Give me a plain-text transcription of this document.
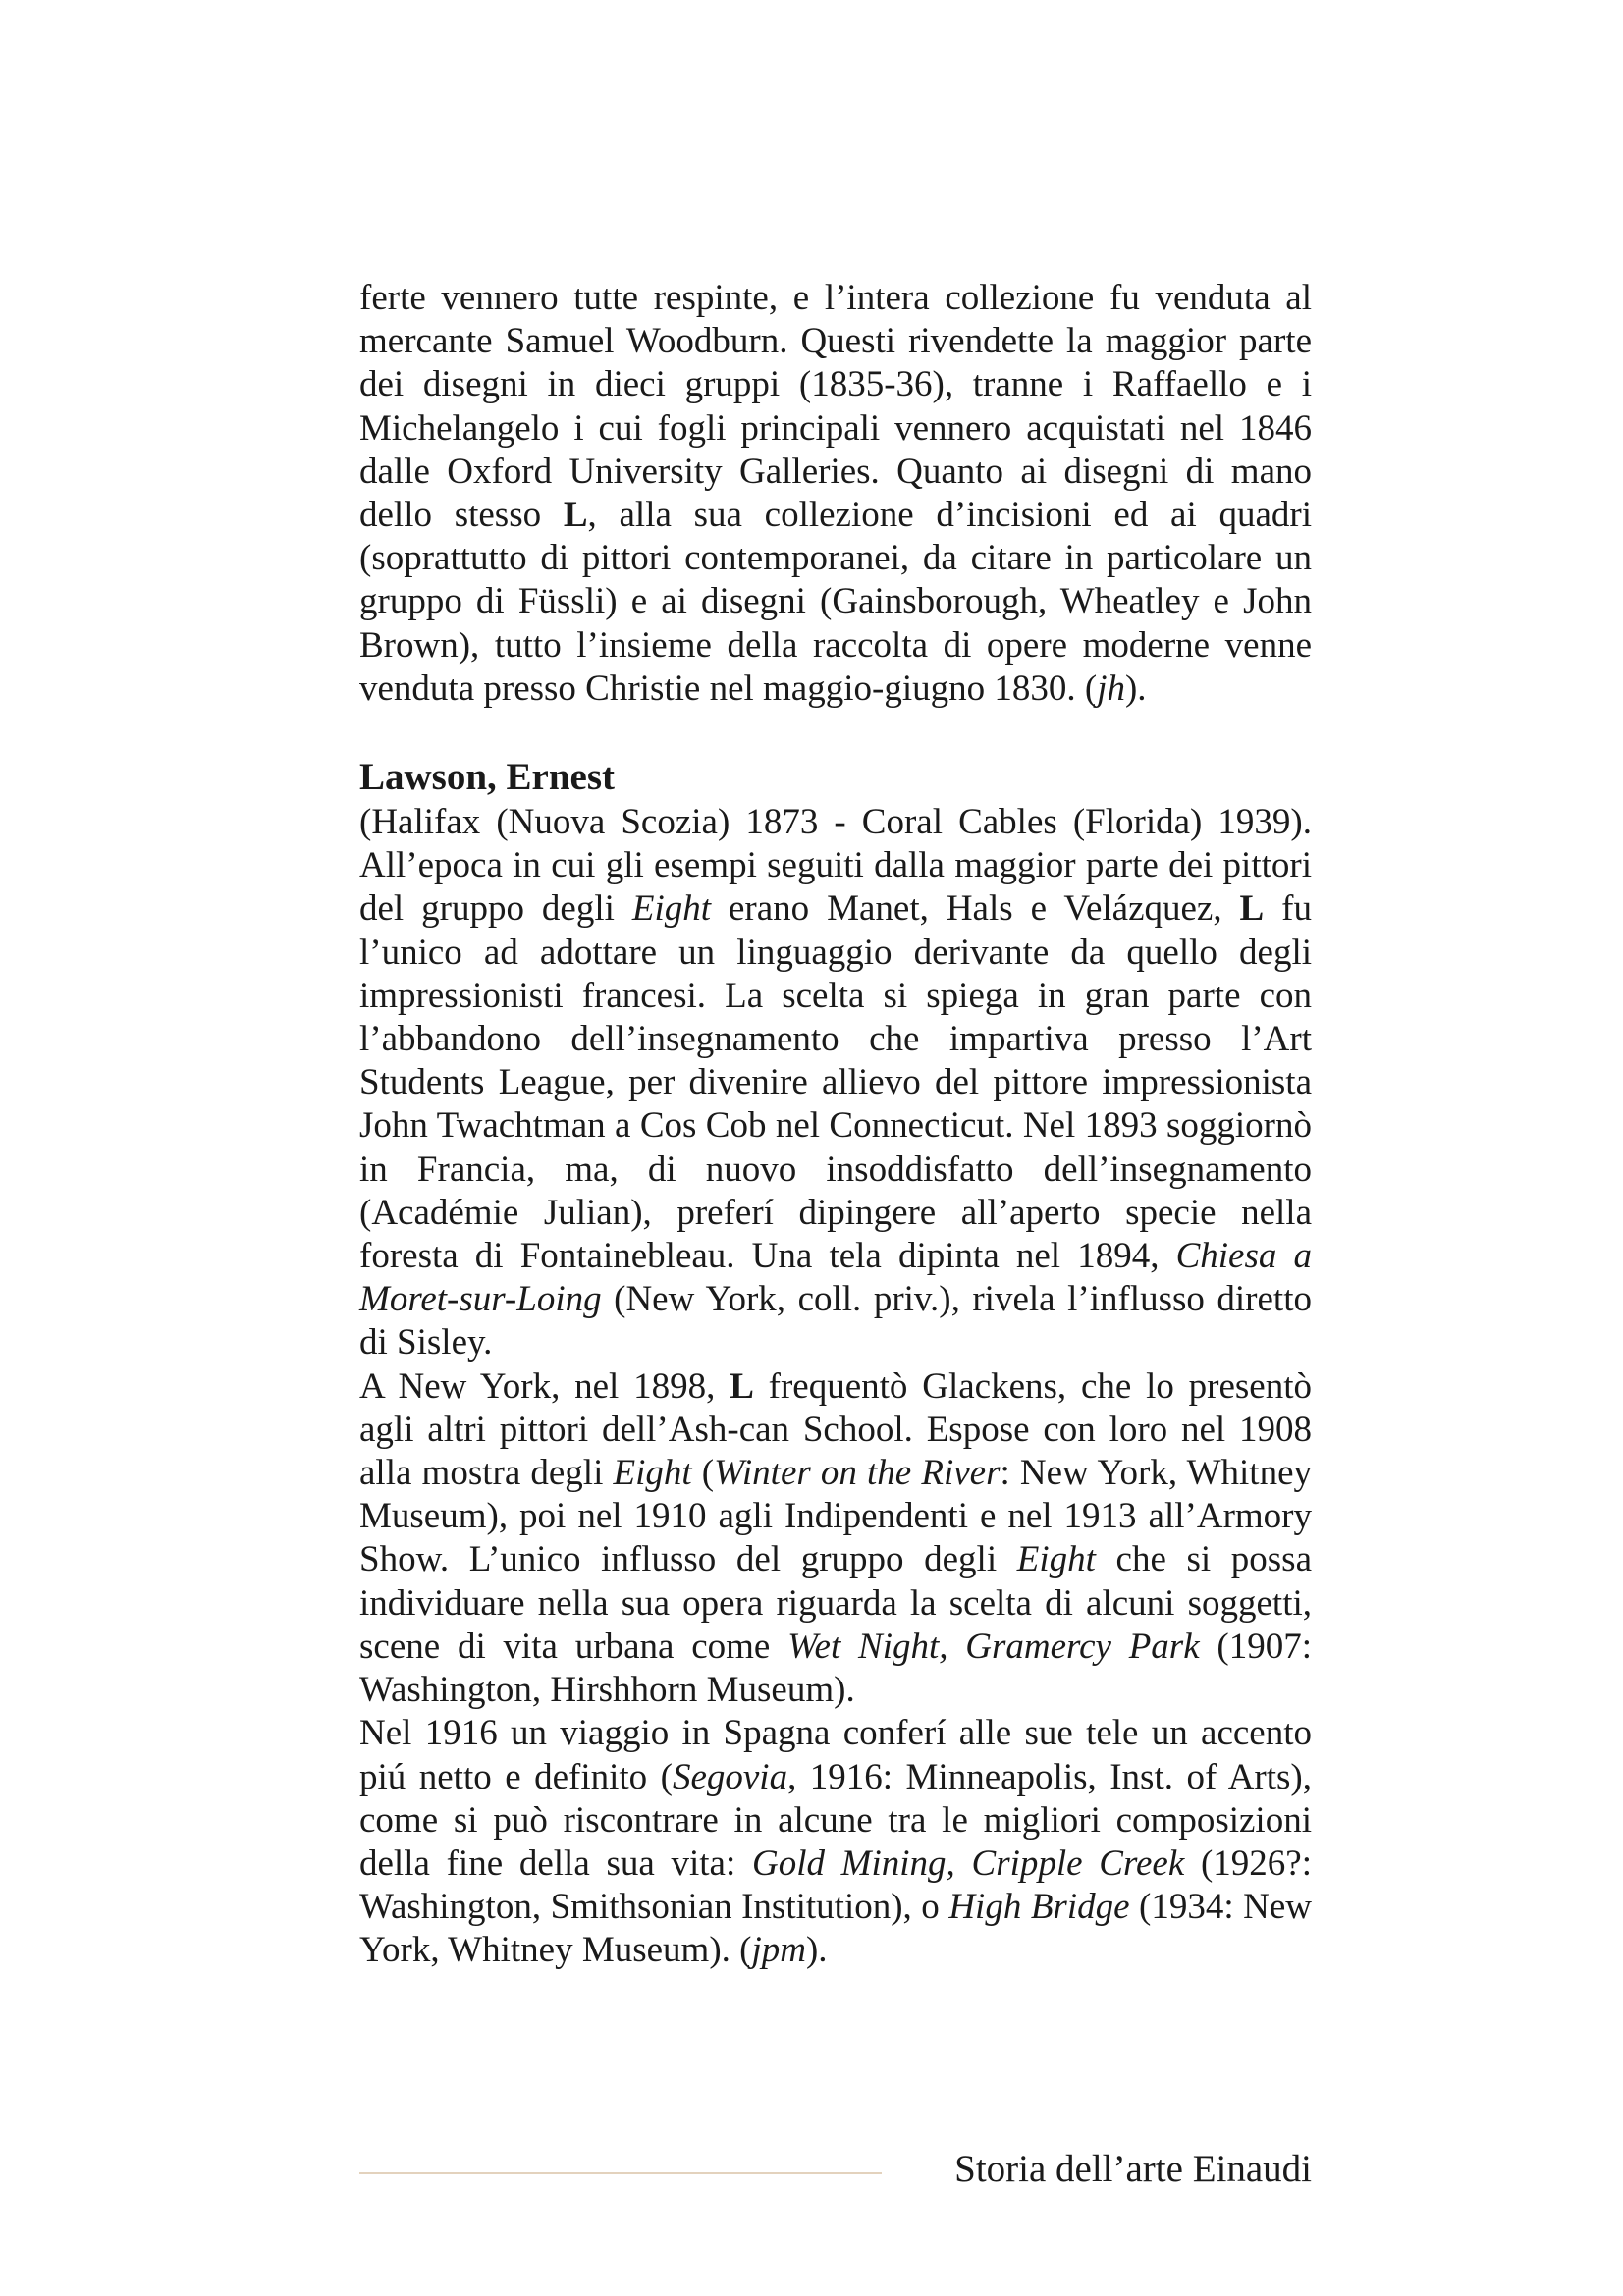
ferte vennero tutte respinte, e l’intera collezione fu venduta al mercante Samuel Woodburn. Questi rivendette la maggior parte dei disegni in dieci gruppi (1835-36), tranne i Raffaello e i Michelangelo i cui fogli principali vennero acquistati nel 1846 dalle Oxford University Galleries. Quanto ai disegni di mano dello stesso L, alla sua collezione d’incisioni ed ai quadri (soprattutto di pittori contemporanei, da citare in particolare un gruppo di Füssli) e ai disegni (Gainsborough, Wheatley e John Brown), tutto l’insieme della raccolta di opere moderne venne venduta presso Christie nel maggio-giugno 1830. (jh).

Lawson, Ernest

(Halifax (Nuova Scozia) 1873 - Coral Cables (Florida) 1939). All’epoca in cui gli esempi seguiti dalla maggior parte dei pittori del gruppo degli Eight erano Manet, Hals e Velázquez, L fu l’unico ad adottare un linguaggio derivante da quello degli impressionisti francesi. La scelta si spiega in gran parte con l’abbandono dell’insegnamento che impartiva presso l’Art Students League, per divenire allievo del pittore impressionista John Twachtman a Cos Cob nel Connecticut. Nel 1893 soggiornò in Francia, ma, di nuovo insoddisfatto dell’insegnamento (Académie Julian), preferí dipingere all’aperto specie nella foresta di Fontainebleau. Una tela dipinta nel 1894, Chiesa a Moret-sur-Loing (New York, coll. priv.), rivela l’influsso diretto di Sisley.

A New York, nel 1898, L frequentò Glackens, che lo presentò agli altri pittori dell’Ash-can School. Espose con loro nel 1908 alla mostra degli Eight (Winter on the River: New York, Whitney Museum), poi nel 1910 agli Indipendenti e nel 1913 all’Armory Show. L’unico influsso del gruppo degli Eight che si possa individuare nella sua opera riguarda la scelta di alcuni soggetti, scene di vita urbana come Wet Night, Gramercy Park (1907: Washington, Hirshhorn Museum).

Nel 1916 un viaggio in Spagna conferí alle sue tele un accento piú netto e definito (Segovia, 1916: Minneapolis, Inst. of Arts), come si può riscontrare in alcune tra le migliori composizioni della fine della sua vita: Gold Mining, Cripple Creek (1926?: Washington, Smithsonian Institution), o High Bridge (1934: New York, Whitney Museum). (jpm).

Storia dell’arte Einaudi
